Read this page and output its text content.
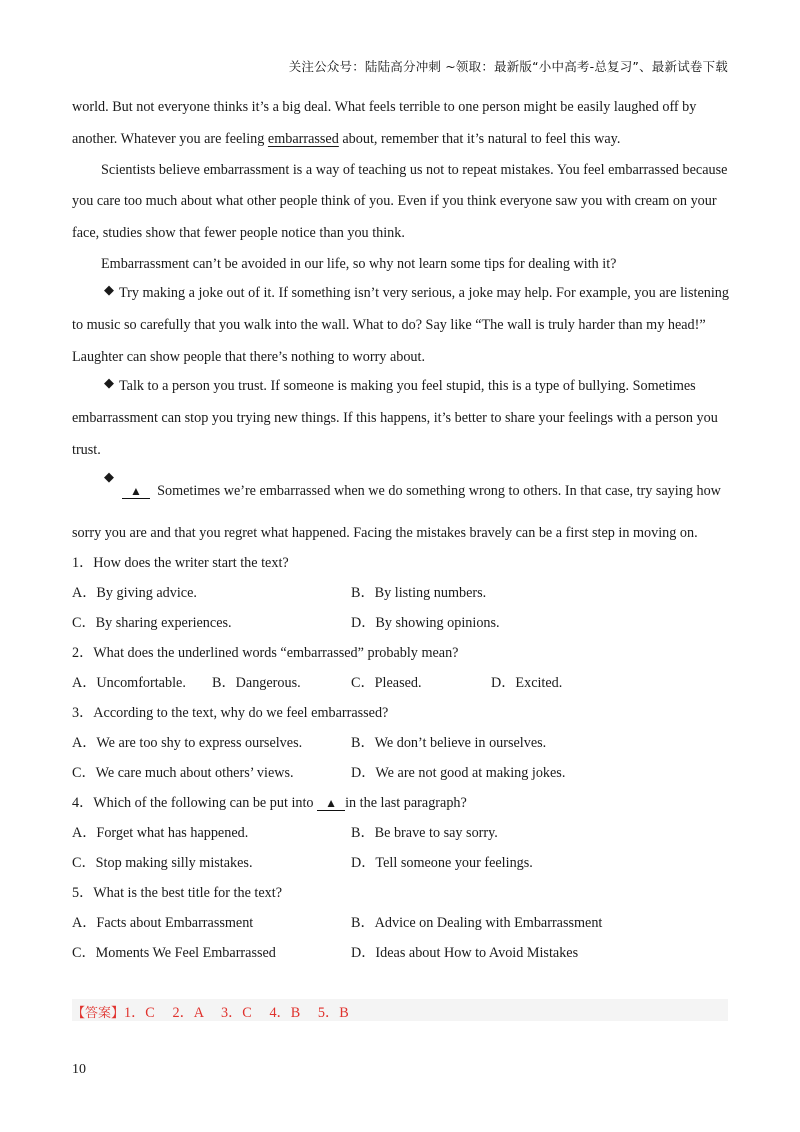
关注公众号：陆陆高分冲刺 ~领取：最新版“小中高考-总复习”、最新试卷下载
world. But not everyone thinks it’s a big deal. What feels terrible to one person might be easily laughed off by
another. Whatever you are feeling embarrassed about, remember that it’s natural to feel this way.
Scientists believe embarrassment is a way of teaching us not to repeat mistakes. You feel embarrassed because
you care too much about what other people think of you. Even if you think everyone saw you with cream on your
face, studies show that fewer people notice than you think.
Embarrassment can’t be avoided in our life, so why not learn some tips for dealing with it?
◆ Try making a joke out of it. If something isn’t very serious, a joke may help. For example, you are listening
to music so carefully that you walk into the wall. What to do? Say like “The wall is truly harder than my head!”
Laughter can show people that there’s nothing to worry about.
◆ Talk to a person you trust. If someone is making you feel stupid, this is a type of bullying. Sometimes
embarrassment can stop you trying new things. If this happens, it’s better to share your feelings with a person you
trust.
◆
▲ Sometimes we’re embarrassed when we do something wrong to others. In that case, try saying how
sorry you are and that you regret what happened. Facing the mistakes bravely can be a first step in moving on.
1．How does the writer start the text?
A．By giving advice.	B．By listing numbers.
C．By sharing experiences.	D．By showing opinions.
2．What does the underlined words “embarrassed” probably mean?
A．Uncomfortable. B．Dangerous.	C．Pleased.	D．Excited.
3．According to the text, why do we feel embarrassed?
A．We are too shy to express ourselves.	B．We don’t believe in ourselves.
C．We care much about others’ views.	D．We are not good at making jokes.
4．Which of the following can be put into ▲ in the last paragraph?
A．Forget what has happened.	B．Be brave to say sorry.
C．Stop making silly mistakes.	D．Tell someone your feelings.
5．What is the best title for the text?
A．Facts about Embarrassment	B．Advice on Dealing with Embarrassment
C．Moments We Feel Embarrassed	D．Ideas about How to Avoid Mistakes
【答案】1．C　 2．A　 3．C　 4．B　 5．B
10
